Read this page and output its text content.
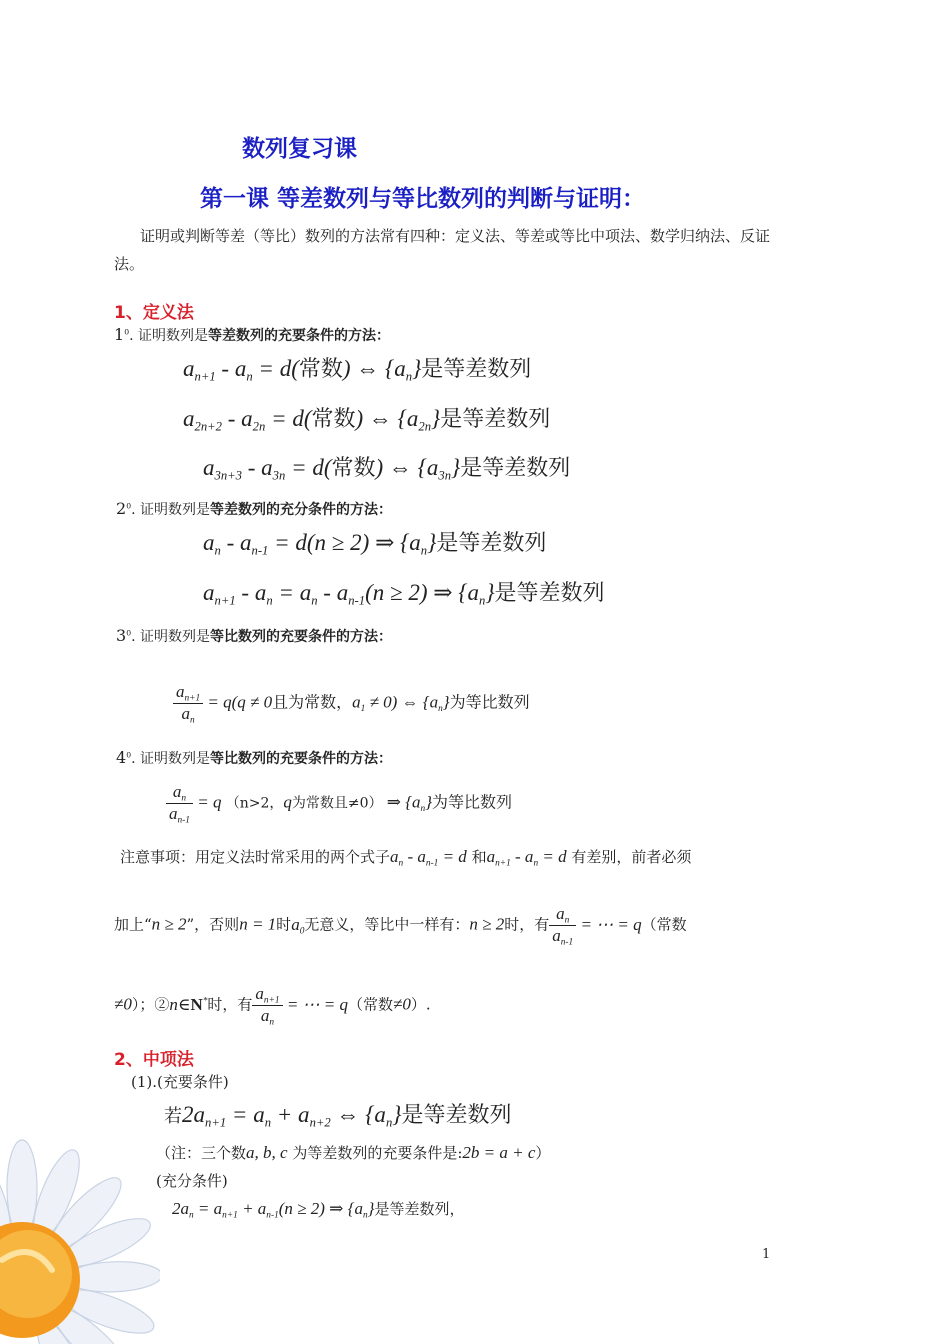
数列复习课
第一课 等差数列与等比数列的判断与证明：
证明或判断等差（等比）数列的方法常有四种：定义法、等差或等比中项法、数学归纳法、反证法。
1、定义法
$1^0$. 证明数列是等差数列的充要条件的方法：
$a_{n+1} - a_n = d$(常数) ⇔ $\{a_n\}$是等差数列
$a_{2n+2} - a_{2n} = d$(常数) ⇔ $\{a_{2n}\}$是等差数列
$a_{3n+3} - a_{3n} = d$(常数) ⇔ $\{a_{3n}\}$是等差数列
$2^0$. 证明数列是等差数列的充分条件的方法：
$a_n - a_{n-1} = d(n \ge 2)$ ⇒ $\{a_n\}$是等差数列
$a_{n+1} - a_n = a_n - a_{n-1}(n \ge 2)$ ⇒ $\{a_n\}$是等差数列
$3^0$. 证明数列是等比数列的充要条件的方法：
$\frac{a_{n+1}}{a_n} = q(q \ne 0$且为常数，$a_1 \ne 0$) ⇔ $\{a_n\}$为等比数列
$4^0$. 证明数列是等比数列的充要条件的方法：
$\frac{a_n}{a_{n-1}} = q$ （n>2，q为常数且≠0） ⇒ $\{a_n\}$为等比数列
注意事项：用定义法时常采用的两个式子$a_n - a_{n-1} = d$ 和$a_{n+1} - a_n = d$ 有差别，前者必须
加上“n ≥ 2”，否则n = 1时$a_0$无意义，等比中一样有：n ≥ 2时，有 $\frac{a_n}{a_{n-1}}$ = ⋯ = q（常数
≠0）；②n∈N*时，有 $\frac{a_{n+1}}{a_n}$ = ⋯ = q（常数≠0）.
2、中项法
(1).(充要条件)
若$2a_{n+1} = a_n + a_{n+2}$ ⇔ $\{a_n\}$是等差数列
（注：三个数a, b, c 为等差数列的充要条件是:2b = a + c）
(充分条件)
$2a_n = a_{n+1} + a_{n-1}(n \ge 2)$ ⇒ $\{a_n\}$是等差数列，
1
